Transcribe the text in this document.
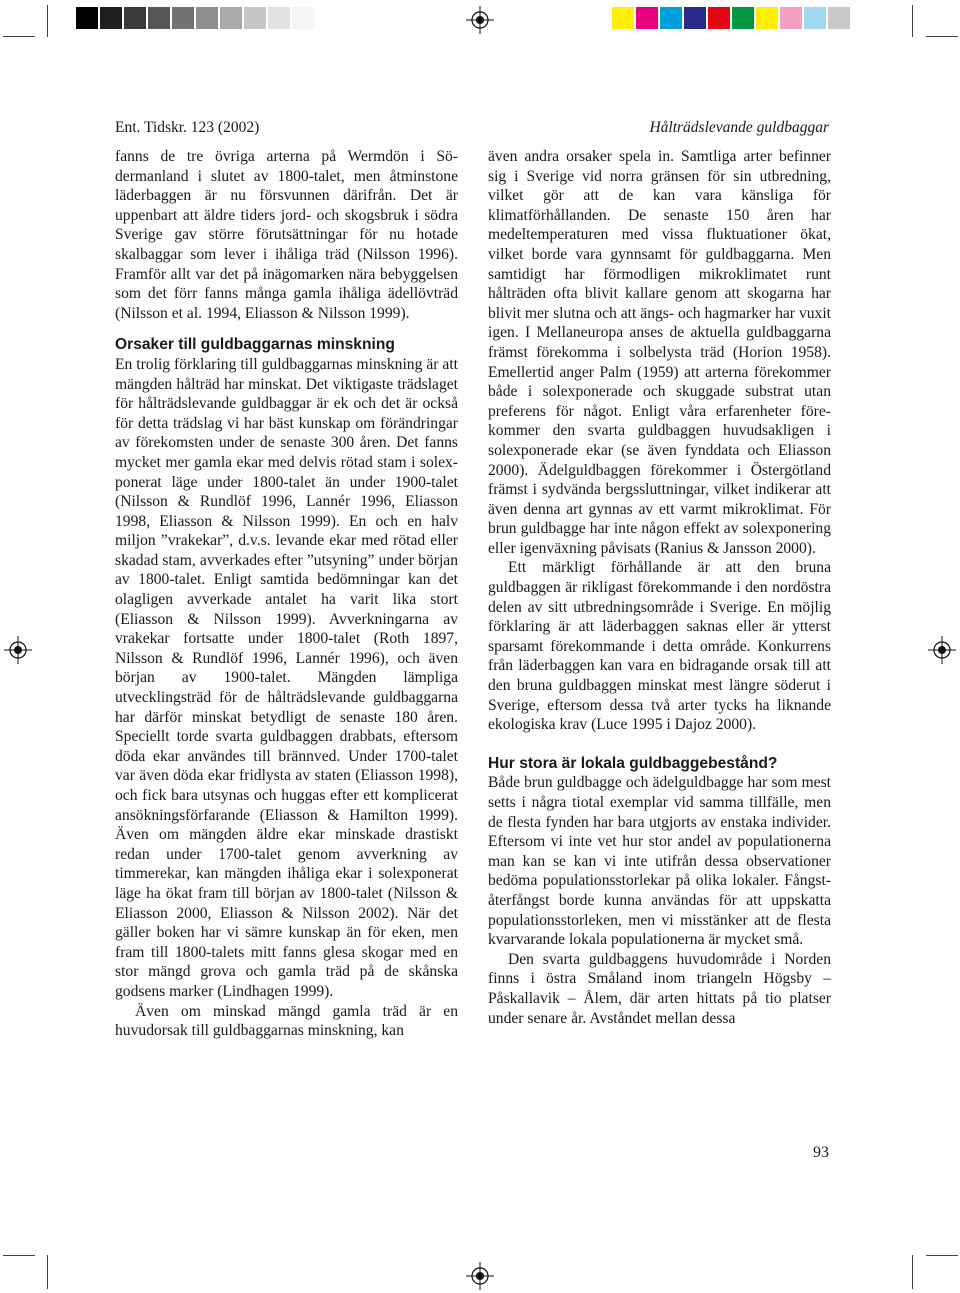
Ent. Tidskr. 123 (2002)	Hålträdslevande guldbaggar

fanns de tre övriga arterna på Wermdön i Södermanland i slutet av 1800-talet, men åtminstone läderbaggen är nu försvunnen därifrån. Det är uppenbart att äldre tiders jord- och skogsbruk i södra Sverige gav större förutsättningar för nu hotade skalbaggar som lever i ihåliga träd (Nilsson 1996). Framför allt var det på inägomarken nära bebyggelsen som det förr fanns många gamla ihåliga ädellövträd (Nilsson et al. 1994, Eliasson & Nilsson 1999).

Orsaker till guldbaggarnas minskning

En trolig förklaring till guldbaggarnas minskning är att mängden hålträd har minskat. Det viktigaste trädslaget för hålträdslevande guldbaggar är ek och det är också för detta trädslag vi har bäst kunskap om förändringar av förekomsten under de senaste 300 åren. Det fanns mycket mer gamla ekar med delvis rötad stam i solexponerat läge under 1800-talet än under 1900-talet (Nilsson & Rundlöf 1996, Lannér 1996, Eliasson 1998, Eliasson & Nilsson 1999). En och en halv miljon ”vrakekar”, d.v.s. levande ekar med rötad eller skadad stam, avverkades efter ”utsyning” under början av 1800-talet. Enligt samtida bedömningar kan det olagligen avverkade antalet ha varit lika stort (Eliasson & Nilsson 1999). Avverkningarna av vrakekar fortsatte under 1800-talet (Roth 1897, Nilsson & Rundlöf 1996, Lannér 1996), och även början av 1900-talet. Mängden lämpliga utvecklingsträd för de hålträdslevande guldbaggarna har därför minskat betydligt de senaste 180 åren. Speciellt torde svarta guldbaggen drabbats, eftersom döda ekar användes till brännved. Under 1700-talet var även döda ekar fridlysta av staten (Eliasson 1998), och fick bara utsynas och huggas efter ett komplicerat ansökningsförfarande (Eliasson & Hamilton 1999). Även om mängden äldre ekar minskade drastiskt redan under 1700-talet genom avverkning av timmerekar, kan mängden ihåliga ekar i solexponerat läge ha ökat fram till början av 1800-talet (Nilsson & Eliasson 2000, Eliasson & Nilsson 2002). När det gäller boken har vi sämre kunskap än för eken, men fram till 1800-talets mitt fanns glesa skogar med en stor mängd grova och gamla träd på de skånska godsens marker (Lindhagen 1999).

Även om minskad mängd gamla träd är en huvudorsak till guldbaggarnas minskning, kan

även andra orsaker spela in. Samtliga arter befinner sig i Sverige vid norra gränsen för sin utbredning, vilket gör att de kan vara känsliga för klimatförhållanden. De senaste 150 åren har medeltemperaturen med vissa fluktuationer ökat, vilket borde vara gynnsamt för guldbaggarna. Men samtidigt har förmodligen mikroklimatet runt hålträden ofta blivit kallare genom att skogarna har blivit mer slutna och att ängs- och hagmarker har vuxit igen. I Mellaneuropa anses de aktuella guldbaggarna främst förekomma i solbelysta träd (Horion 1958). Emellertid anger Palm (1959) att arterna förekommer både i solexponerade och skuggade substrat utan preferens för något. Enligt våra erfarenheter förekommer den svarta guldbaggen huvudsakligen i solexponerade ekar (se även fynddata och Eliasson 2000). Ädelguldbaggen förekommer i Östergötland främst i sydvända bergssluttningar, vilket indikerar att även denna art gynnas av ett varmt mikroklimat. För brun guldbagge har inte någon effekt av solexponering eller igenväxning påvisats (Ranius & Jansson 2000).

Ett märkligt förhållande är att den bruna guldbaggen är rikligast förekommande i den nordöstra delen av sitt utbredningsområde i Sverige. En möjlig förklaring är att läderbaggen saknas eller är ytterst sparsamt förekommande i detta område. Konkurrens från läderbaggen kan vara en bidragande orsak till att den bruna guldbaggen minskat mest längre söderut i Sverige, eftersom dessa två arter tycks ha liknande ekologiska krav (Luce 1995 i Dajoz 2000).

Hur stora är lokala guldbaggebestånd?

Både brun guldbagge och ädelguldbagge har som mest setts i några tiotal exemplar vid samma tillfälle, men de flesta fynden har bara utgjorts av enstaka individer. Eftersom vi inte vet hur stor andel av populationerna man kan se kan vi inte utifrån dessa observationer bedöma populationsstorlekar på olika lokaler. Fångst-återfångst borde kunna användas för att uppskatta populationsstorleken, men vi misstänker att de flesta kvarvarande lokala populationerna är mycket små.

Den svarta guldbaggens huvudområde i Norden finns i östra Småland inom triangeln Högsby – Påskallavik – Ålem, där arten hittats på tio platser under senare år. Avståndet mellan dessa

93
